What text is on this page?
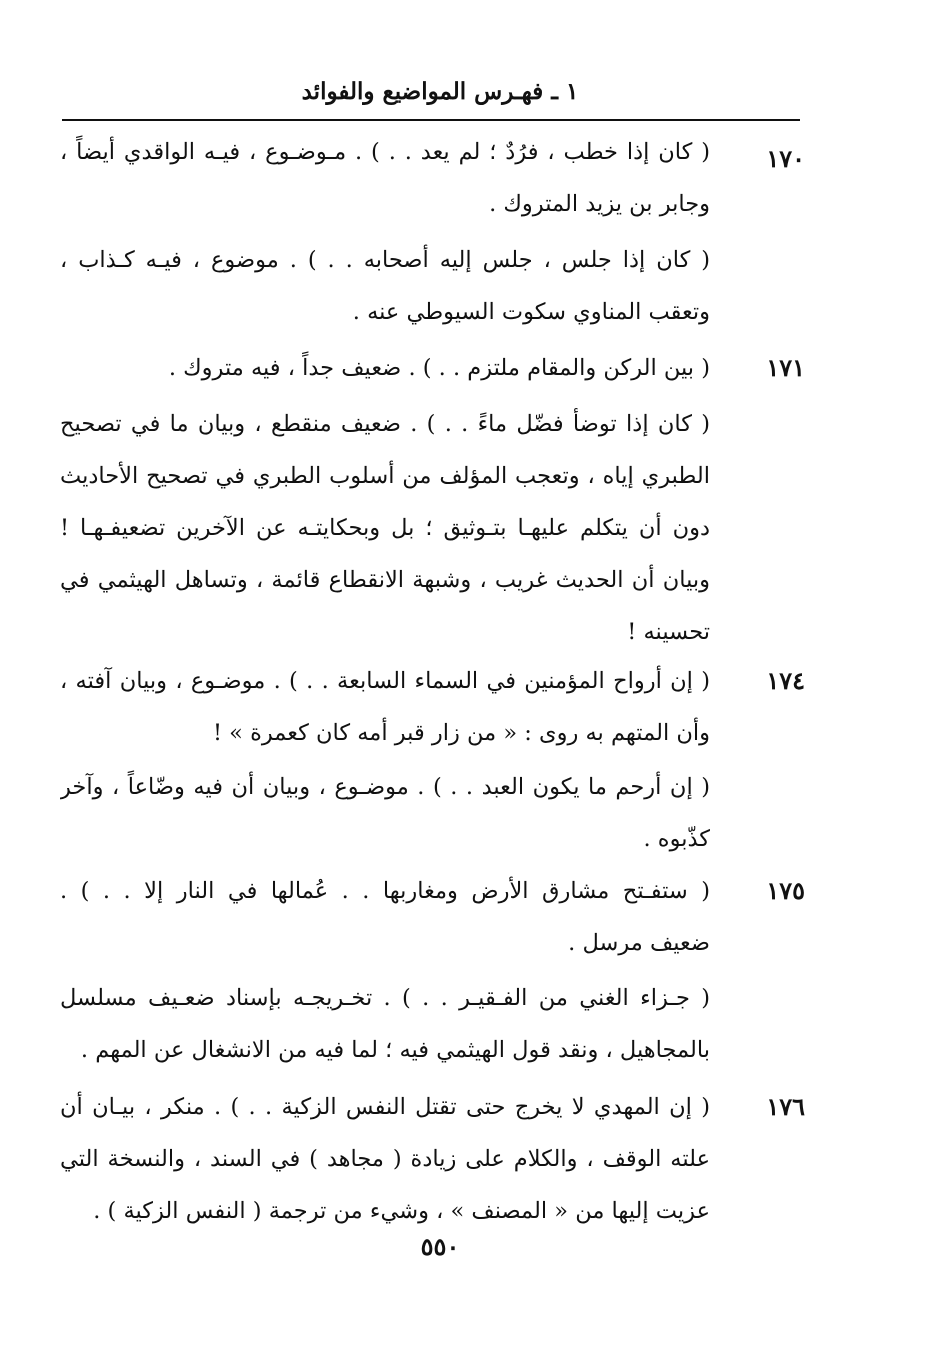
١ ـ فهـرس المواضيع والفوائد
١٧٠
( كان إذا خطب ، فرُدٌ ؛ لم يعد . . ) . مـوضـوع ، فيـه الواقدي أيضاً ،
وجابر بن يزيد المتروك .
( كان إذا جلس ، جلس إليه أصحابه . . ) . موضوع ، فيـه كـذاب ،
وتعقب المناوي سكوت السيوطي عنه .
١٧١
( بين الركن والمقام ملتزم . . ) . ضعيف جداً ، فيه متروك .
( كان إذا توضأ فضّل ماءً . . ) . ضعيف منقطع ، وبيان ما في تصحيح
الطبري إياه ، وتعجب المؤلف من أسلوب الطبري في تصحيح الأحاديث
دون أن يتكلم عليهـا بتـوثيق ؛ بل وبحكايتـه عن الآخرين تضعيفـهـا !
وبيان أن الحديث غريب ، وشبهة الانقطاع قائمة ، وتساهل الهيثمي في
تحسينه !
١٧٤
( إن أرواح المؤمنين في السماء السابعة . . ) . موضـوع ، وبيان آفته ،
وأن المتهم به روى : « من زار قبر أمه كان كعمرة » !
( إن أرحم ما يكون العبد . . ) . موضـوع ، وبيان أن فيه وضّاعاً ، وآخر
كذّبوه .
١٧٥
( ستفـتح مشارق الأرض ومغاربها . . عُمالها في النار إلا . . ) .
ضعيف مرسل .
( جـزاء الغني من الفـقيـر . . ) . تخـريجـه بإسناد ضعـيف مسلسل
بالمجاهيل ، ونقد قول الهيثمي فيه ؛ لما فيه من الانشغال عن المهم .
١٧٦
( إن المهدي لا يخرج حتى تقتل النفس الزكية . . ) . منكر ، بيـان أن
علته الوقف ، والكلام على زيادة ( مجاهد ) في السند ، والنسخة التي
عزيت إليها من « المصنف » ، وشيء من ترجمة ( النفس الزكية ) .
٥٥٠
